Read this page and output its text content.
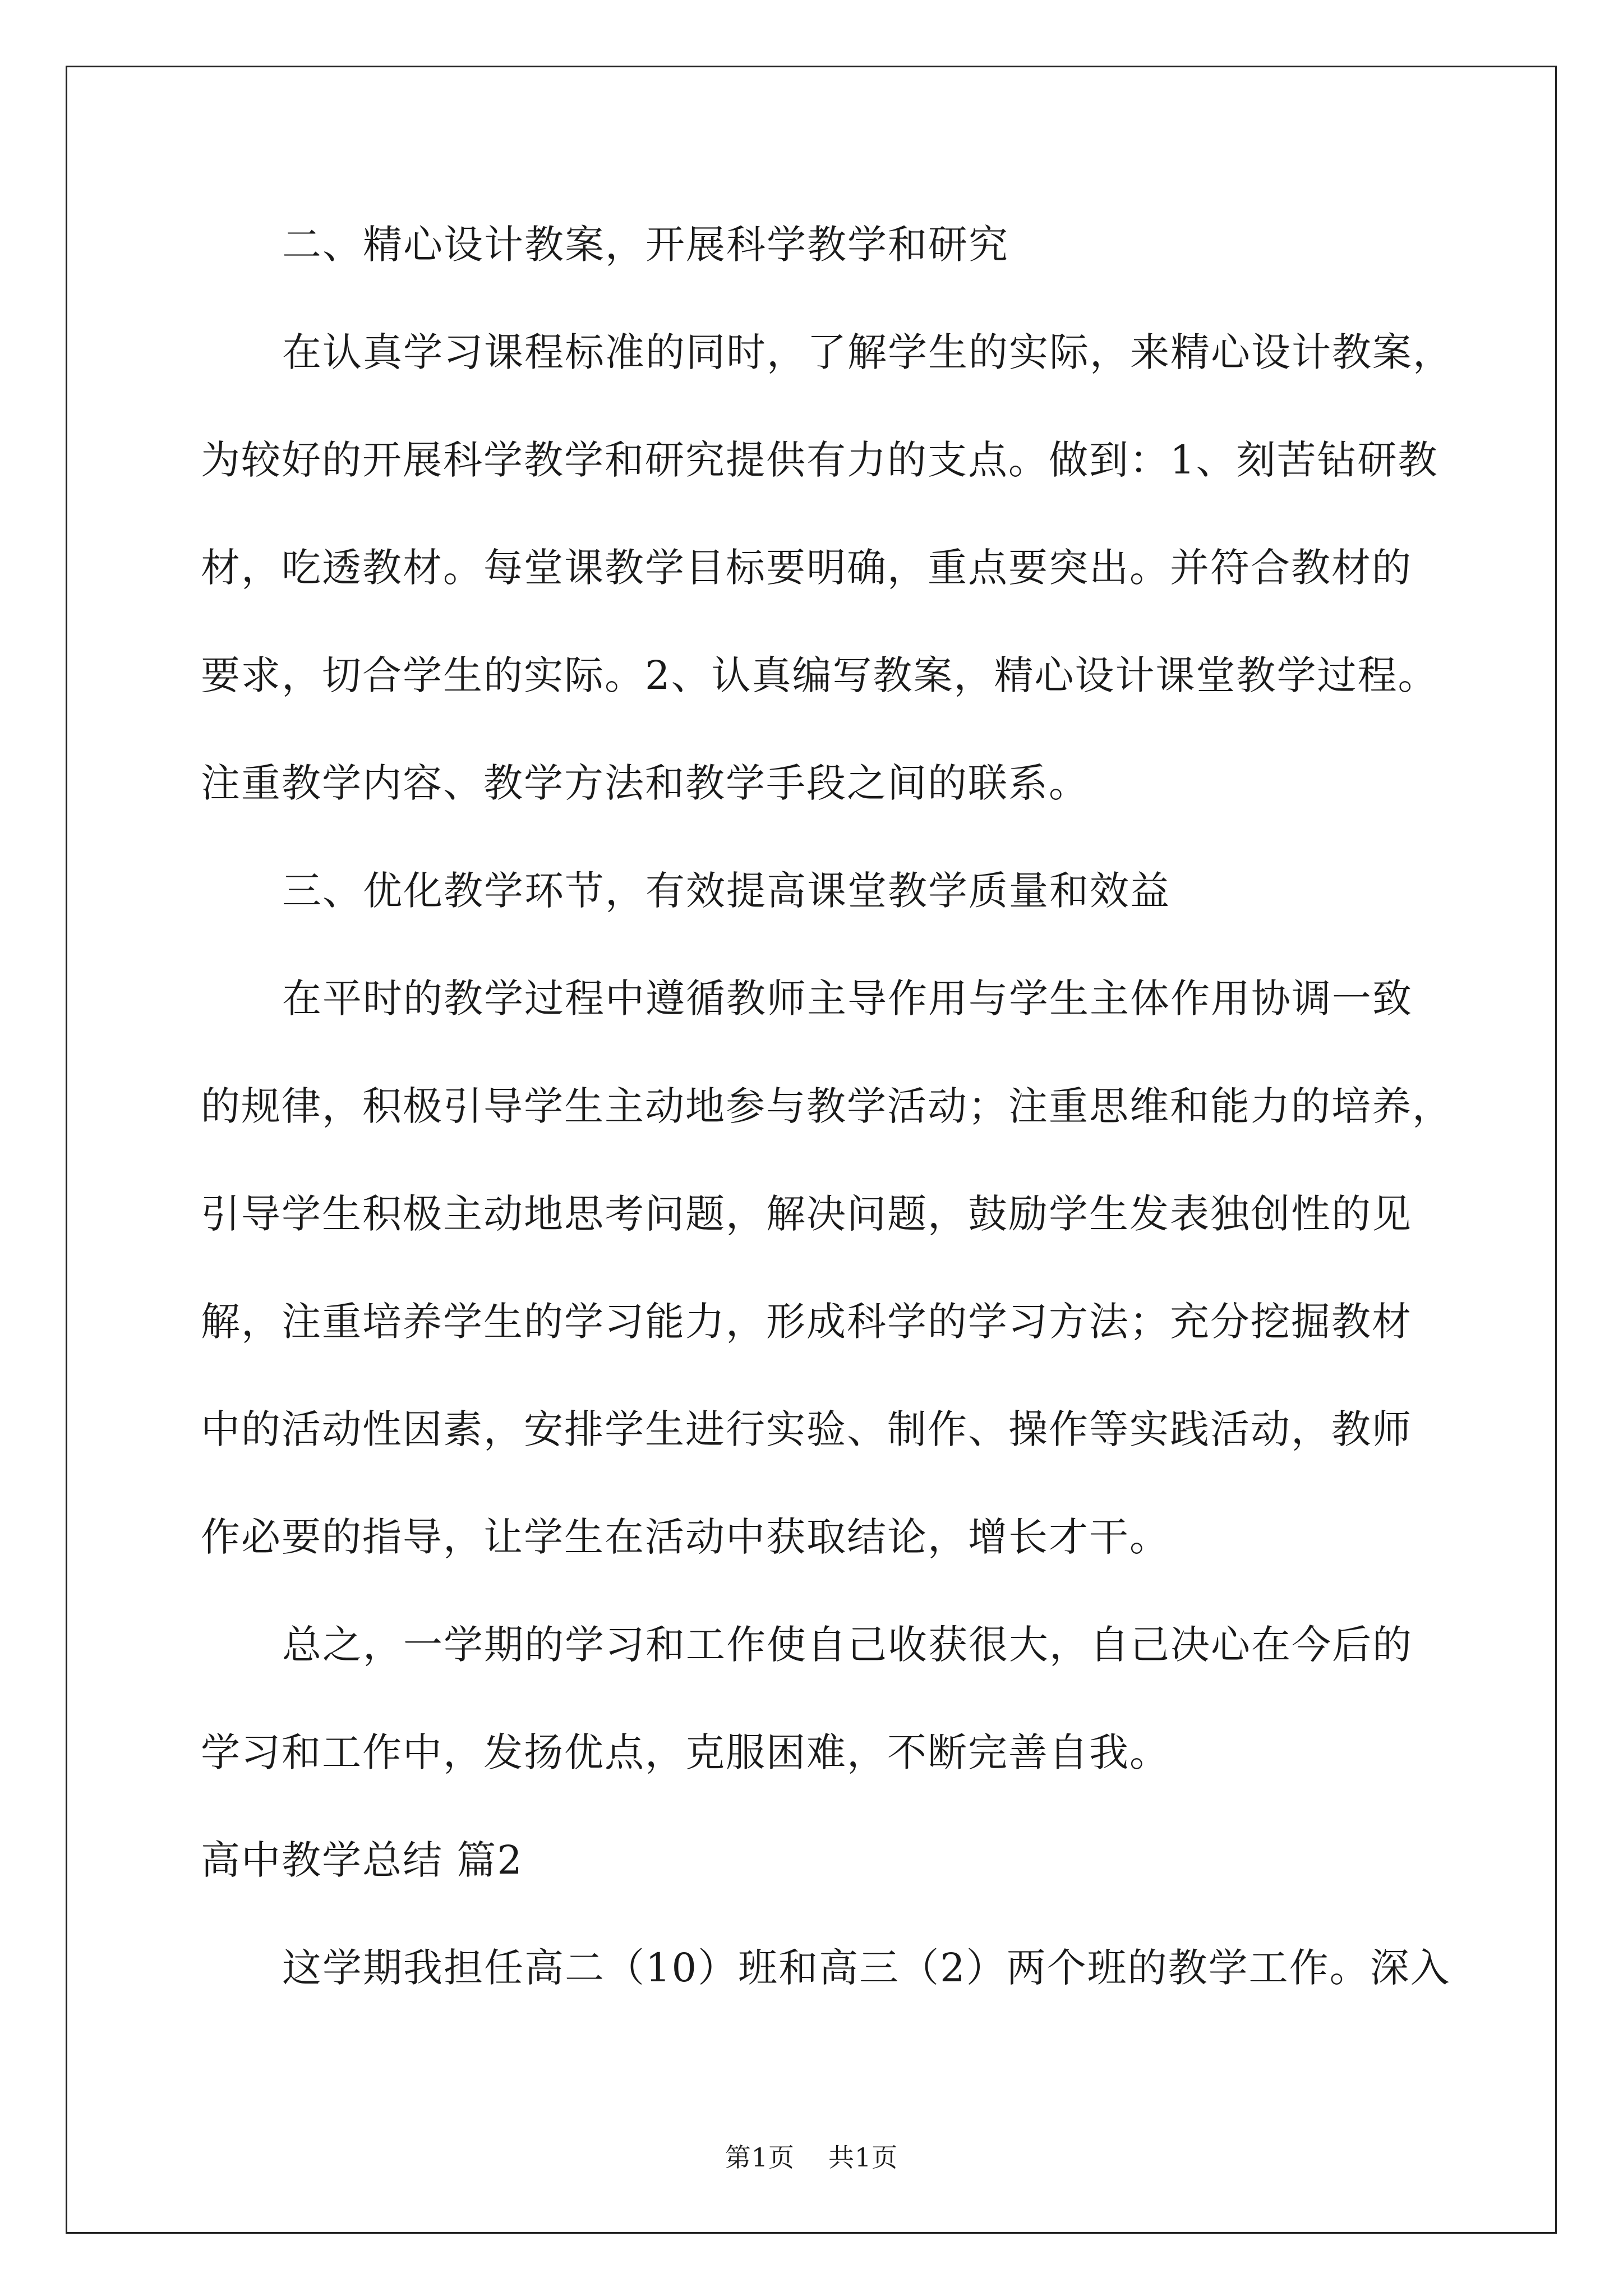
二、精心设计教案，开展科学教学和研究
在认真学习课程标准的同时，了解学生的实际，来精心设计教案，
为较好的开展科学教学和研究提供有力的支点。做到：1、刻苦钻研教
材，吃透教材。每堂课教学目标要明确，重点要突出。并符合教材的
要求，切合学生的实际。2、认真编写教案，精心设计课堂教学过程。
注重教学内容、教学方法和教学手段之间的联系。
三、优化教学环节，有效提高课堂教学质量和效益
在平时的教学过程中遵循教师主导作用与学生主体作用协调一致
的规律，积极引导学生主动地参与教学活动；注重思维和能力的培养，
引导学生积极主动地思考问题，解决问题，鼓励学生发表独创性的见
解，注重培养学生的学习能力，形成科学的学习方法；充分挖掘教材
中的活动性因素，安排学生进行实验、制作、操作等实践活动，教师
作必要的指导，让学生在活动中获取结论，增长才干。
总之，一学期的学习和工作使自己收获很大，自己决心在今后的
学习和工作中，发扬优点，克服困难，不断完善自我。
高中教学总结 篇2
这学期我担任高二（10）班和高三（2）两个班的教学工作。深入
第1页 共1页
